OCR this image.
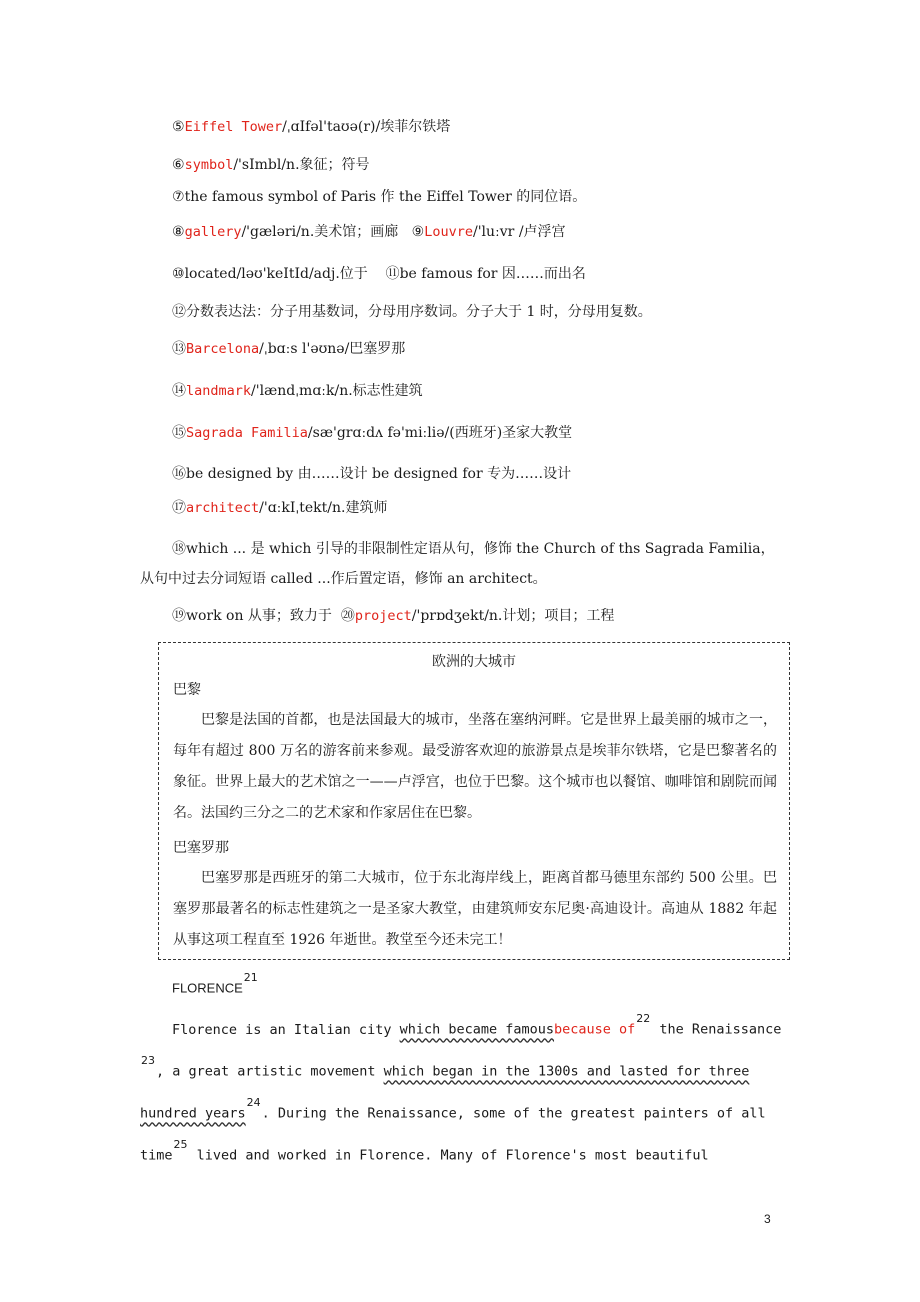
⑤Eiffel Tower/ˌɑIfəl'taʊə(r)/埃菲尔铁塔
⑥symbol/'sImbl/n.象征；符号
⑦the famous symbol of Paris 作 the Eiffel Tower 的同位语。
⑧gallery/'gæləri/n.美术馆；画廊 ⑨Louvre/'luːvr /卢浮宫
⑩located/ləʊ'keItId/adj.位于 ⑪be famous for 因……而出名
⑫分数表达法：分子用基数词，分母用序数词。分子大于 1 时，分母用复数。
⑬Barcelona/ˌbɑːs l'əʊnə/巴塞罗那
⑭landmark/'lændˌmɑːk/n.标志性建筑
⑮Sagrada Familia/sæ'grɑːdʌ fə'miːliə/(西班牙)圣家大教堂
⑯be designed by 由……设计 be designed for 专为……设计
⑰architect/'ɑːkIˌtekt/n.建筑师
⑱which ... 是 which 引导的非限制性定语从句，修饰 the Church of ths Sagrada Familia，从句中过去分词短语 called ...作后置定语，修饰 an architect。
⑲work on 从事；致力于 ⑳project/'prɒdʒekt/n.计划；项目；工程
欧洲的大城市
巴黎
巴黎是法国的首都，也是法国最大的城市，坐落在塞纳河畔。它是世界上最美丽的城市之一，每年有超过 800 万名的游客前来参观。最受游客欢迎的旅游景点是埃菲尔铁塔，它是巴黎著名的象征。世界上最大的艺术馆之一——卢浮宫，也位于巴黎。这个城市也以餐馆、咖啡馆和剧院而闻名。法国约三分之二的艺术家和作家居住在巴黎。
巴塞罗那
巴塞罗那是西班牙的第二大城市，位于东北海岸线上，距离首都马德里东部约 500 公里。巴塞罗那最著名的标志性建筑之一是圣家大教堂，由建筑师安东尼奥·高迪设计。高迪从 1882 年起从事这项工程直至 1926 年逝世。教堂至今还未完工！
FLORENCE$^{21}$
Florence is an Italian city which became famousbecause $of^{22}$ the Renaissance
$^{23}$, a great artistic movement which began in the 1300s and lasted for three
hundred years$^{24}$. During the Renaissance, some of the greatest painters of all
time$^{25}$ lived and worked in Florence. Many of Florence's most beautiful
3
